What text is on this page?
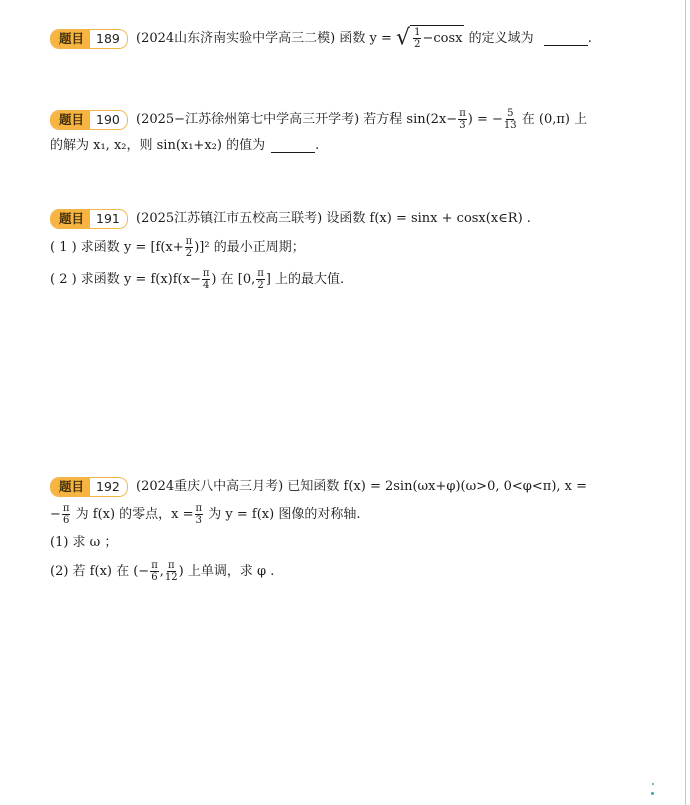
题目 189	(2024山东济南实验中学高三二模) 函数 y = √ $\frac{1}{2} -\cos x$ 的定义域为	.
题目 190	(2025−江苏徐州第七中学高三开学考) 若方程 $\sin(2x- \frac{\pi}{3}$ ) = − $\frac{5}{13}$ 在 (0,π) 上
的解为 x₁, x₂，则 sin(x₁+x₂) 的值为	.
题目 191	(2025江苏镇江市五校高三联考) 设函数 f(x) = sinx + cosx(x∈R) .
( 1 ) 求函数 $y = [f(x+ \frac{\pi}{2} )]^2$ 的最小正周期；
( 2 ) 求函数 $y = f(x)f(x- \frac{\pi}{4}$ ) 在 [0, $\frac{\pi}{2}$ ] 上的最大值.
题目 192	(2024重庆八中高三月考) 已知函数 f(x) = 2sin(ωx+φ)(ω>0, 0<φ<π), x =
− $\frac{\pi}{6}$ 为 f(x) 的零点，$x = \frac{\pi}{3}$ 为 y = f(x) 图像的对称轴.
(1) 求 ω ；
(2) 若 f(x) 在 (− $\frac{\pi}{6}$ , $\frac{\pi}{12}$ ) 上单调，求 φ .
